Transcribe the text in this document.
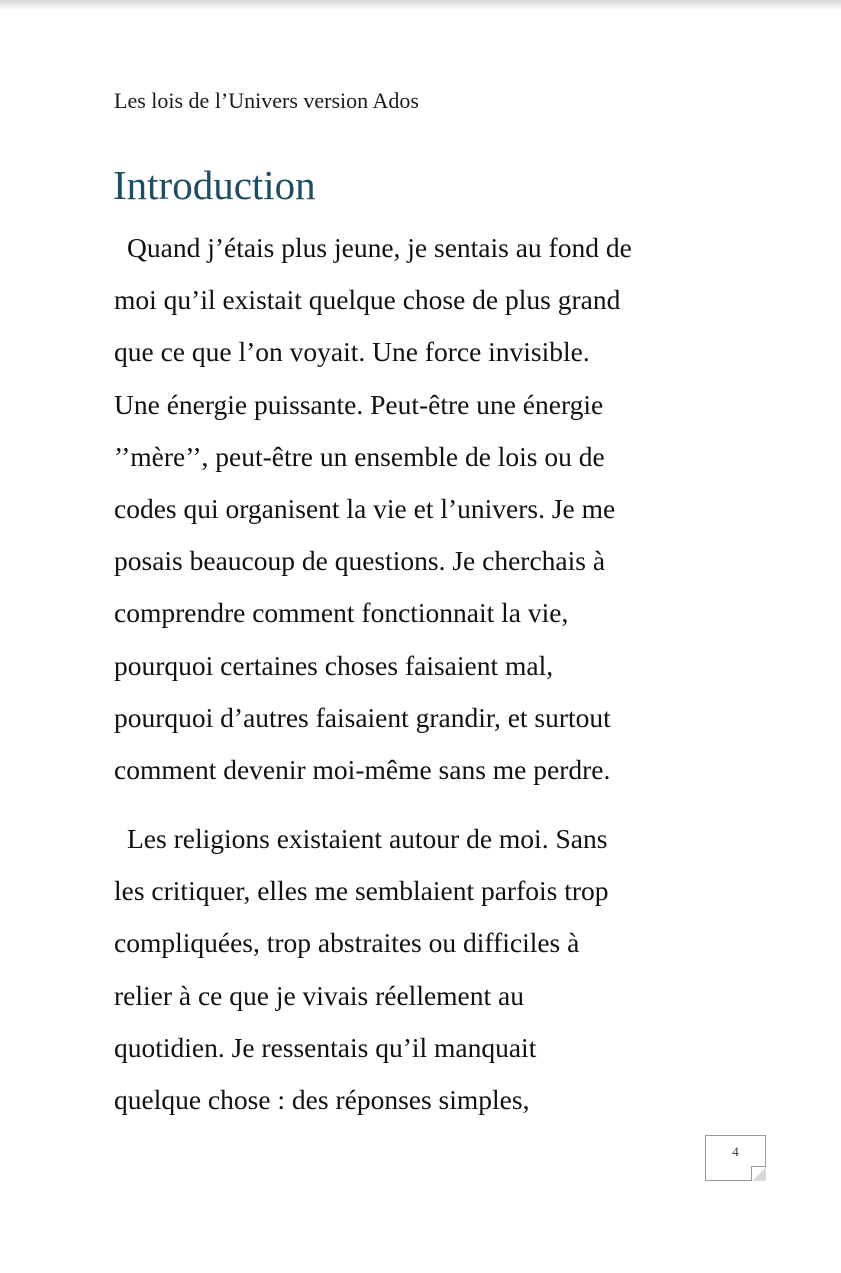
Les lois de l’Univers version Ados
Introduction
Quand j’étais plus jeune, je sentais au fond de
moi qu’il existait quelque chose de plus grand
que ce que l’on voyait. Une force invisible.
Une énergie puissante. Peut-être une énergie
’’mère’’, peut-être un ensemble de lois ou de
codes qui organisent la vie et l’univers. Je me
posais beaucoup de questions. Je cherchais à
comprendre comment fonctionnait la vie,
pourquoi certaines choses faisaient mal,
pourquoi d’autres faisaient grandir, et surtout
comment devenir moi-même sans me perdre.
Les religions existaient autour de moi. Sans
les critiquer, elles me semblaient parfois trop
compliquées, trop abstraites ou difficiles à
relier à ce que je vivais réellement au
quotidien. Je ressentais qu’il manquait
quelque chose : des réponses simples,
4
